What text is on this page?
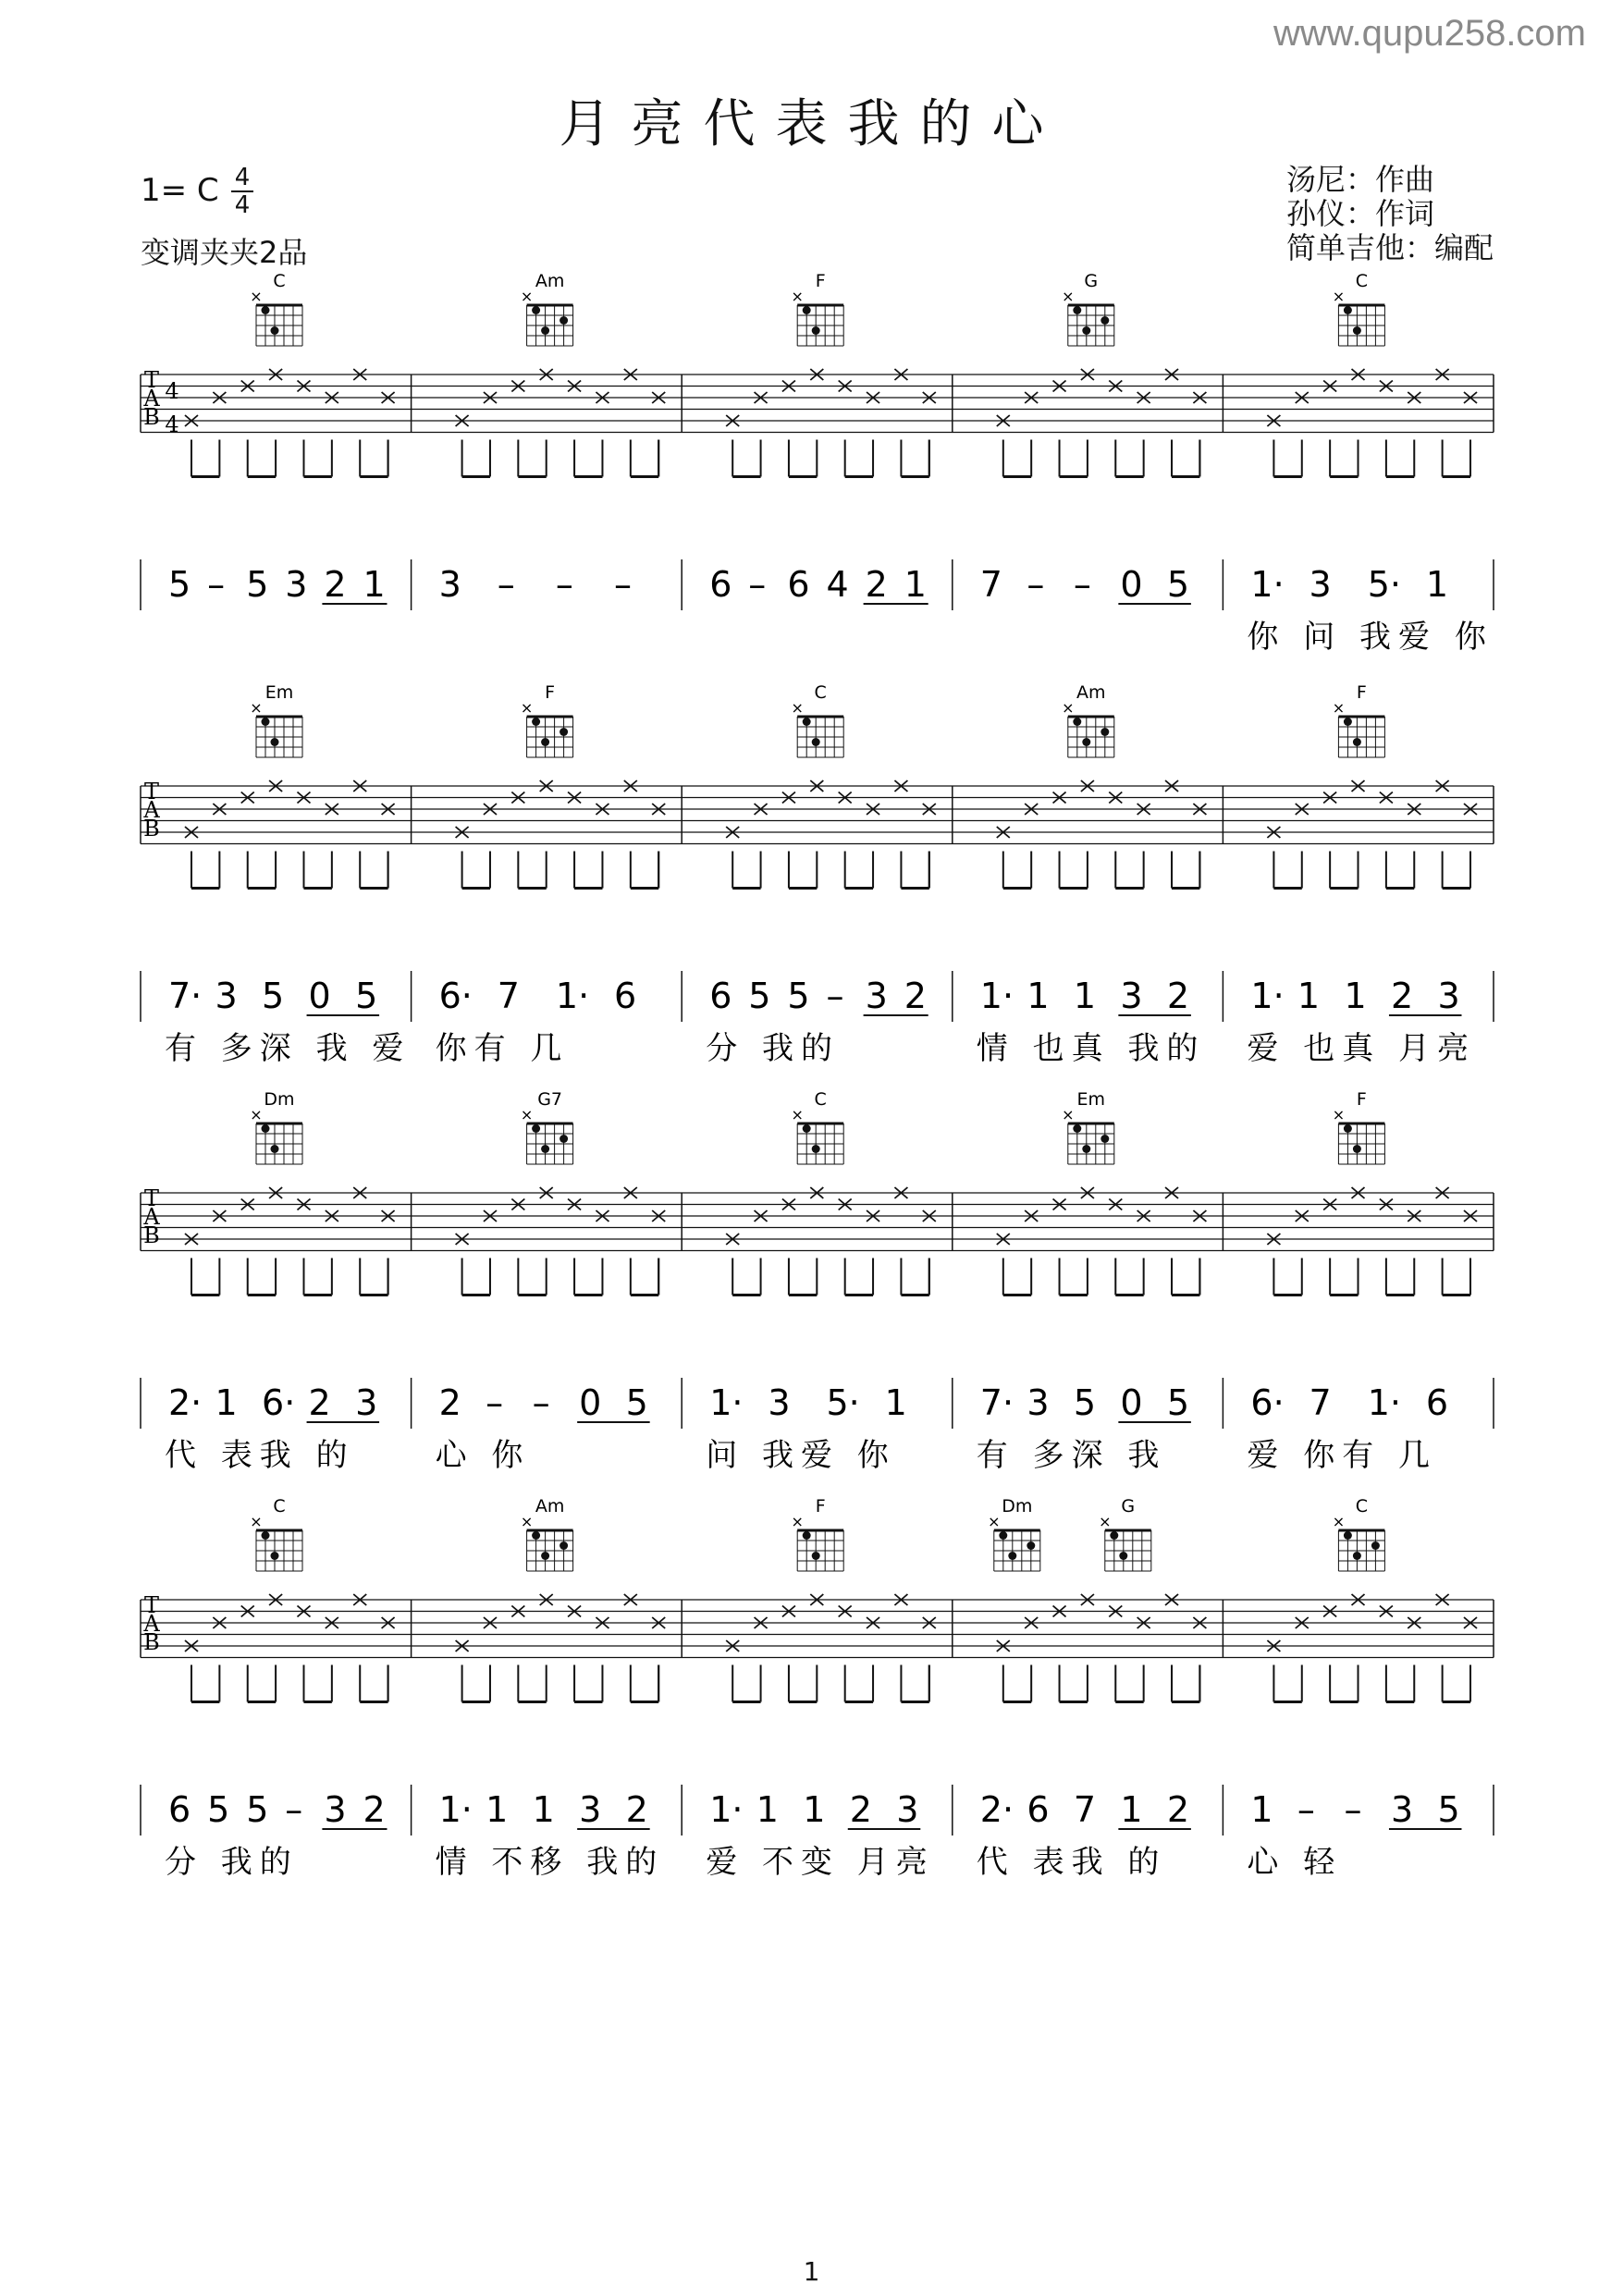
www.qupu258.com
月亮代表我的心
1= C 4
4
变调夹夹2品
汤尼：作曲
孙仪：作词
简单吉他：编配
C
×
Am
×
F
×
G
×
C
×
T
A
B
4
4
5 – 5 3 2 1 3 – – – 6 – 6 4 2 1 7 – – 0 5 1· 3 5· 1
你 问 我爱 你
Em
×
F
×
C
×
Am
×
F
×
T
A
B
7· 3 5 0 5
有 多深 我 爱
6· 7 1· 6
你有 几
6 5 5 – 3 2
分 我的
1· 1 1 3 2
情 也真 我的
1· 1 1 2 3
爱 也真 月亮
Dm
×
G7
×
C
×
Em
×
F
×
T
A
B
2· 1 6· 2 3
代 表我 的
2 – – 0 5
心 你
1· 3 5· 1
问 我爱 你
7· 3 5 0 5
有 多深 我
6· 7 1· 6
爱 你有 几
C
×
Am
×
F
×
Dm
×
G
×
C
×
T
A
B
6 5 5 – 3 2
分 我的
1· 1 1 3 2
情 不移 我的
1· 1 1 2 3
爱 不变 月亮
2· 6 7 1 2
代 表我 的
1 – – 3 5
心 轻
1
